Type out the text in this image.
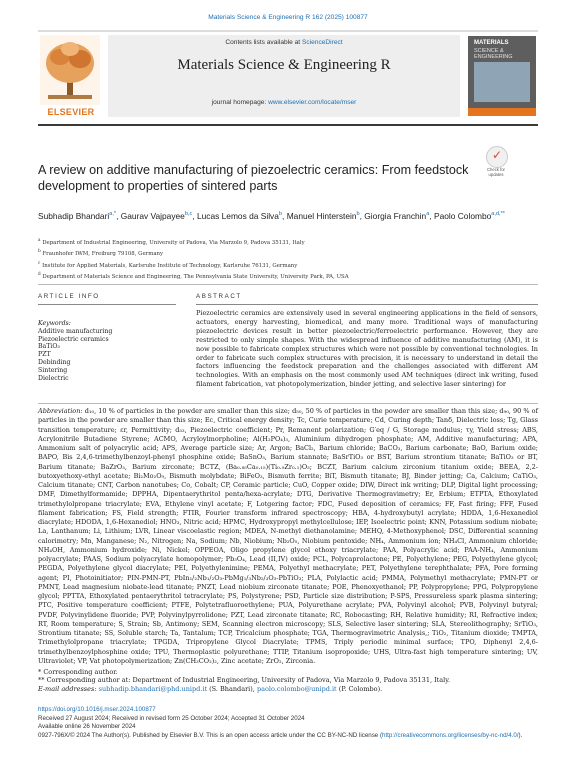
Materials Science & Engineering R 162 (2025) 100877
ELSEVIER
Contents lists available at ScienceDirect
Materials Science & Engineering R
journal homepage: www.elsevier.com/locate/mser
MATERIALS
SCIENCE & ENGINEERING
A review on additive manufacturing of piezoelectric ceramics: From feedstock development to properties of sintered parts
✓
Check for updates
Subhadip Bhandari$^{a,*}$, Gaurav Vajpayee$^{b,c}$, Lucas Lemos da Silva$^b$, Manuel Hinterstein$^b$, Giorgia Franchin$^a$, Paolo Colombo$^{a,d,**}$
$^a$ Department of Industrial Engineering, University of Padova, Via Marzolo 9, Padova 35131, Italy
$^b$ Fraunhofer IWM, Freiburg 79108, Germany
$^c$ Institute for Applied Materials, Karlsruhe Institute of Technology, Karlsruhe 76131, Germany
$^d$ Department of Materials Science and Engineering, The Pennsylvania State University, University Park, PA, USA
ARTICLE INFO	ABSTRACT
Keywords:
Additive manufacturing
Piezoelectric ceramics
BaTiO₃
PZT
Debinding
Sintering
Dielectric
Piezoelectric ceramics are extensively used in several engineering applications in the field of sensors, actuators, energy harvesting, biomedical, and many more. Traditional ways of manufacturing piezoelectric devices result in better piezoelectric/ferroelectric performance. However, they are restricted to only simple shapes. With the widespread influence of additive manufacturing (AM), it is now possible to fabricate complex structures which were not possible by conventional technologies. In order to fabricate such complex structures with precision, it is necessary to understand in detail the factors influencing the feedstock preparation and the challenges associated with different AM technologies. With an emphasis on the most commonly used AM techniques (direct ink writing, fused filament fabrication, vat photopolymerization, binder jetting, and selective laser sintering) for
Abbreviation: d₁₀, 10 % of particles in the powder are smaller than this size; d₅₀, 50 % of particles in the powder are smaller than this size; d₉₀, 90 % of particles in the powder are smaller than this size; Ec, Critical energy density; Tc, Curie temperature; Cd, Curing depth; Tanδ, Dielectric loss; Tg, Glass transition temperature; εr, Permittivity; d₃₃, Piezoelectric coefficient; Pr, Remanent polarization; G′eq / G, Storage modulus; τy, Yield stress; ABS, Acrylonitrile Butadiene Styrene; ACMO, Acryloylmorpholine; Al(H₂PO₄)₃, Aluminium dihydrogen phosphate; AM, Additive manufacturing; APA, Ammonium salt of polyacrylic acid; APS, Average particle size; Ar, Argon; BaCl₂, Barium chloride; BaCO₃, Barium carbonate; BaO, Barium oxide; BAPO, Bis 2,4,6-trimethylbenzoyl-phenyl phosphine oxide; BaSnO₃, Barium stannate; BaSrTiO₃ or BST, Barium strontium titanate; BaTiO₃ or BT, Barium titanate; BaZrO₃, Barium zirconate; BCTZ, (Ba₀.₈₅Ca₀.₁₅)(Ti₀.₉Zr₀.₁)O₃; BCZT, Barium calcium zirconium titanium oxide; BEEA, 2,2-butoxyethoxy-ethyl acetate; Bi₂Mo₂O₉, Bismuth molybdate; BiFeO₃, Bismuth ferrite; BiT, Bismuth titanate; BJ, Binder jetting; Ca, Calcium; CaTiO₃, Calcium titanate; CNT, Carbon nanotubes; Co, Cobalt; CP, Ceramic particle; CuO, Copper oxide; DIW, Direct ink writing; DLP, Digital light processing; DMF, Dimethylformamide; DPPHA, Dipentaerythritol penta/hexa-acrylate; DTG, Derivative Thermogravimetry; Er, Erbium; ETPTA, Ethoxylated trimethylolpropane triacrylate; EVA, Ethylene vinyl acetate; F, Lotgering factor; FDC, Fused deposition of ceramics; FF, Fast firing; FFF, Fused filament fabrication; FS, Field strength; FTIR, Fourier transform infrared spectroscopy; HBA, 4-hydroxybutyl acrylate; HDDA, 1,6-Hexanediol diacrylate; HDODA, 1,6-Hexanediol; HNO₃, Nitric acid; HPMC, Hydroxypropyl methylcellulose; IEP, Isoelectric point; KNN, Potassium sodium niobate; La, Lanthanum; Li, Lithium; LVR, Linear viscoelastic region; MDEA, N-methyl diethanolamine; MEHQ, 4-Methoxyphenol; DSC, Differential scanning calorimetry; Mn, Manganese; N₂, Nitrogen; Na, Sodium; Nb, Niobium; Nb₂O₅, Niobium pentoxide; NH₄, Ammonium ion; NH₄Cl, Ammonium chloride; NH₄OH, Ammonium hydroxide; Ni, Nickel; OPPEOA, Oligo propylene glycol ethoxy triacrylate; PAA, Polyacrylic acid; PAA-NH₄, Ammonium polyacrylate; PAAS, Sodium polyacrylate homopolymer; Pb₃O₄, Lead (II,IV) oxide; PCL, Polycaprolactone; PE, Polyethylene; PEG, Polyethylene glycol; PEGDA, Polyethylene glycol diacrylate; PEI, Polyethylenimine; PEMA, Polyethyl methacrylate; PET, Polyethylene terephthalate; PFA, Pore forming agent; PI, Photoinitiator; PIN-PMN-PT, PbIn₁/₂Nb₁/₂O₃-PbMg₁/₃Nb₂/₃O₃-PbTiO₃; PLA, Polylactic acid; PMMA, Polymethyl methacrylate; PMN-PT or PMNT, Lead magnesium niobate-lead titanate; PNZT, Lead niobium zirconate titanate; POE, Phenoxyethanol; PP, Polypropylene; PPG, Polypropylene glycol; PPTTA, Ethoxylated pentaerythritol tetracrylate; PS, Polystyrene; PSD, Particle size distribution; P-SPS, Pressureless spark plasma sintering; PTC, Positive temperature coefficient; PTFE, Polytetrafluoroethylene; PUA, Polyurethane acrylate; PVA, Polyvinyl alcohol; PVB, Polyvinyl butyral; PVDF, Polyvinylidene fluoride; PVP, Polyvinylpyrrolidone; PZT, Lead zirconate titanate; RC, Robocasting; RH, Relative humidity; RI, Refractive index; RT, Room temperature; S, Strain; Sb, Antimony; SEM, Scanning electron microscopy; SLS, Selective laser sintering; SLA, Stereolithography; SrTiO₃, Strontium titanate; SS, Soluble starch; Ta, Tantalum; TCP, Tricalcium phosphate; TGA, Thermogravimetric Analysis,; TiO₂, Titanium dioxide; TMPTA, Trimethylolpropane triacrylate; TPGDA, Tripropylene Glycol Diacrylate; TPMS, Triply periodic minimal surface; TPO, Diphenyl 2,4,6-trimethylbenzoylphosphine oxide; TPU, Thermoplastic polyurethane; TTIP, Titanium isopropoxide; UHS, Ultra-fast high temperature sintering; UV, Ultraviolet; VP, Vat photopolymerization; Zn(CH₃CO₂)₂, Zinc acetate; ZrO₂, Zirconia.
* Corresponding author.
** Corresponding author at: Department of Industrial Engineering, University of Padova, Via Marzolo 9, Padova 35131, Italy.
E-mail addresses: subhadip.bhandari@phd.unipd.it (S. Bhandari), paolo.colombo@unipd.it (P. Colombo).
https://doi.org/10.1016/j.mser.2024.100877
Received 27 August 2024; Received in revised form 25 October 2024; Accepted 31 October 2024
Available online 26 November 2024
0927-796X/© 2024 The Author(s). Published by Elsevier B.V. This is an open access article under the CC BY-NC-ND license (http://creativecommons.org/licenses/by-nc-nd/4.0/).
